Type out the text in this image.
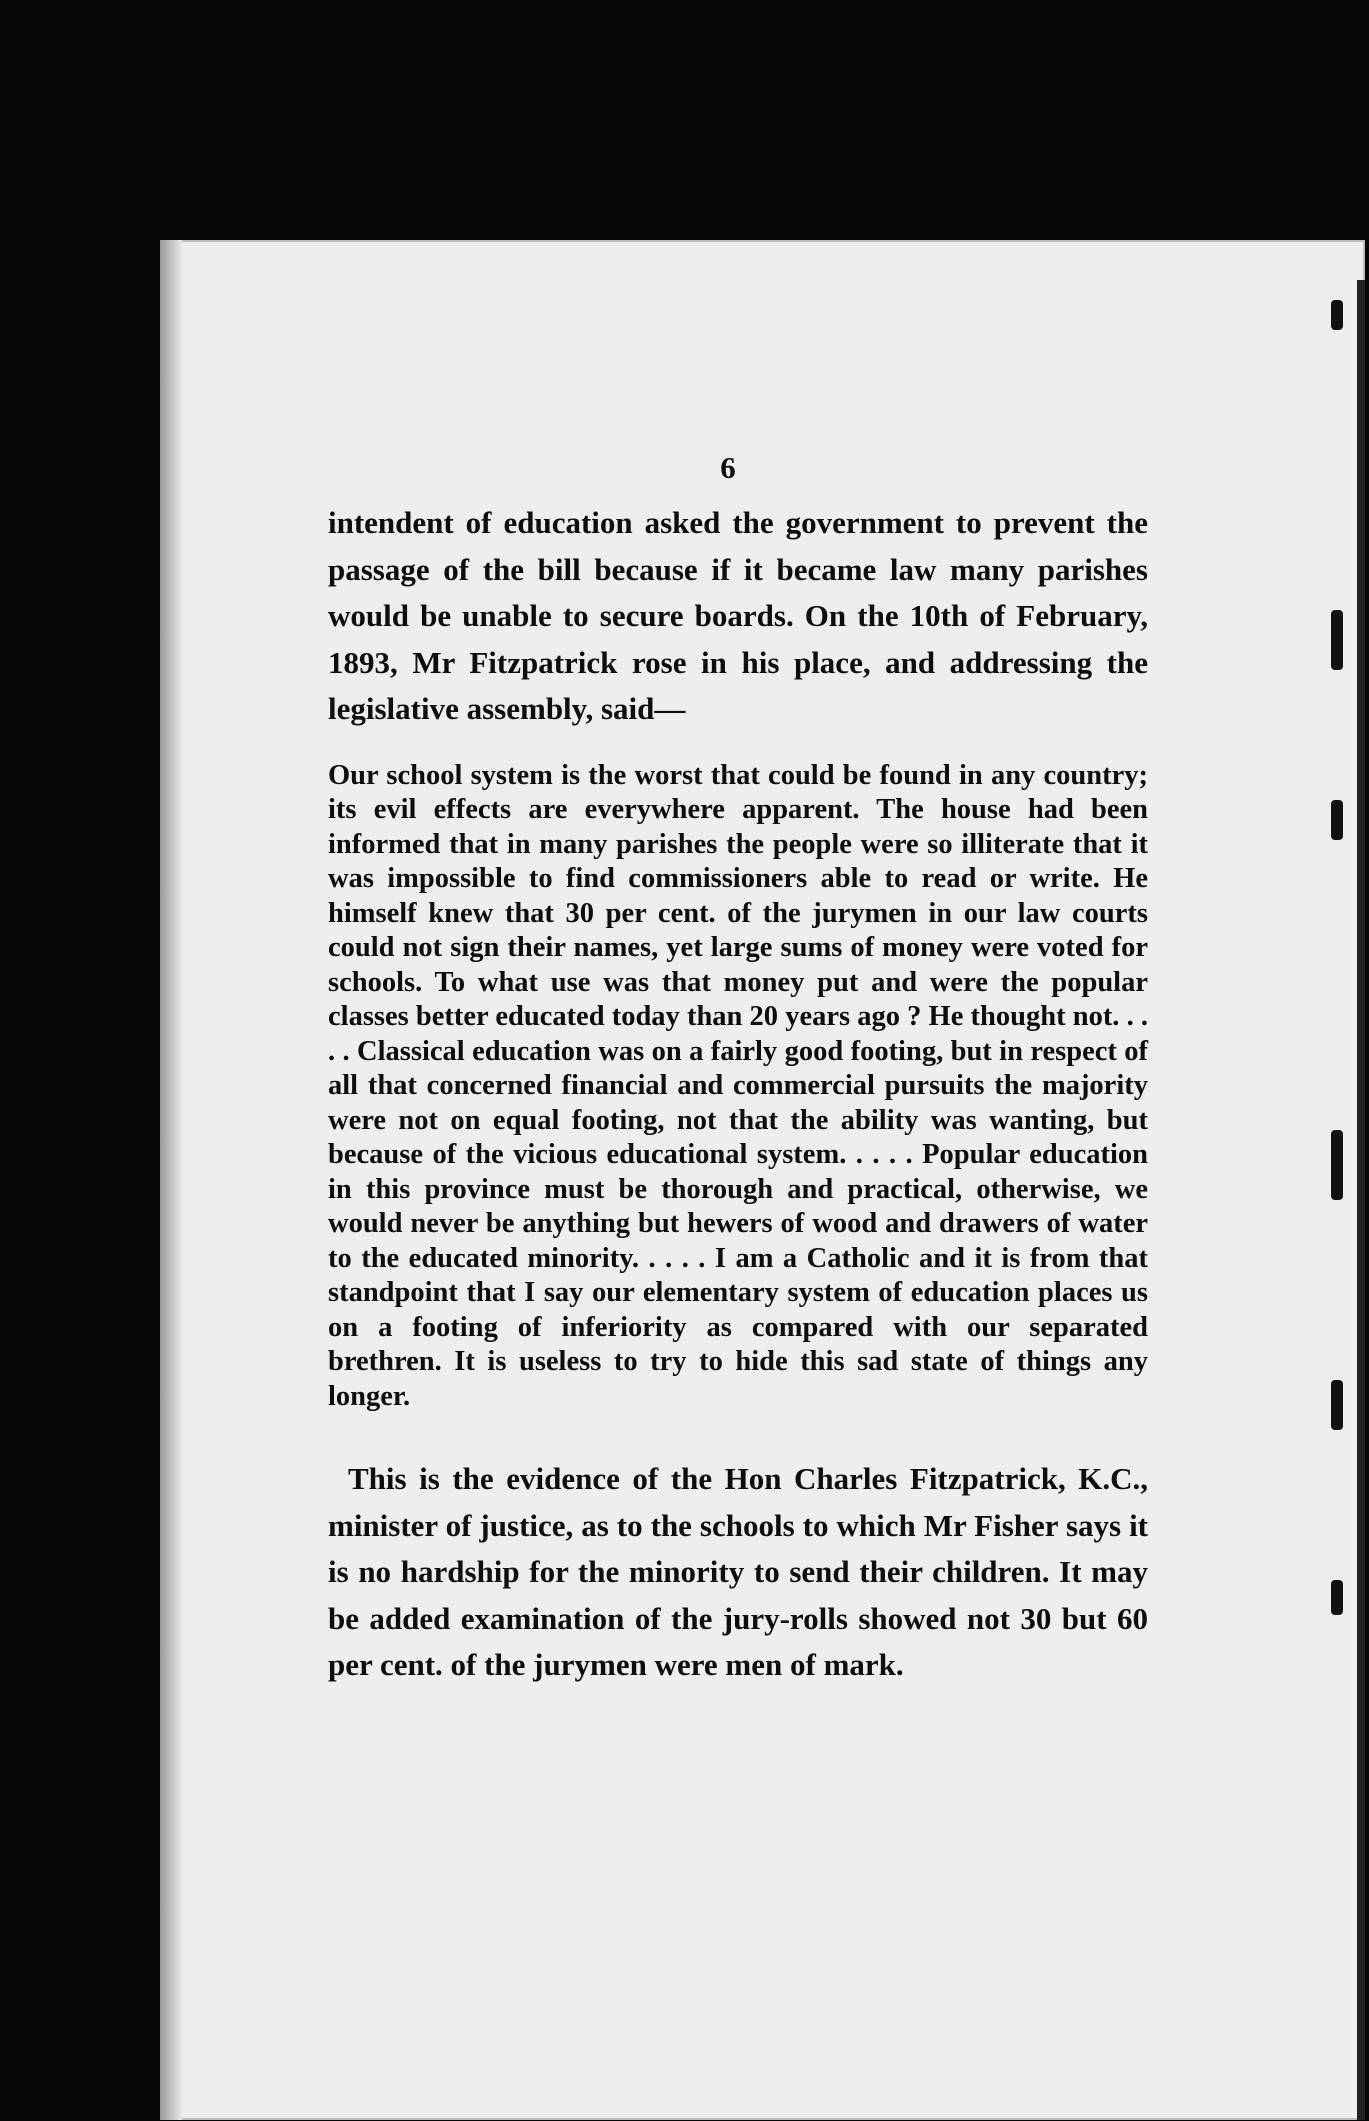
6

intendent of education asked the government to prevent the passage of the bill because if it became law many parishes would be unable to secure boards. On the 10th of February, 1893, Mr Fitzpatrick rose in his place, and addressing the legislative assembly, said—

Our school system is the worst that could be found in any country; its evil effects are everywhere apparent. The house had been informed that in many parishes the people were so illiterate that it was impossible to find commissioners able to read or write. He himself knew that 30 per cent. of the jurymen in our law courts could not sign their names, yet large sums of money were voted for schools. To what use was that money put and were the popular classes better educated today than 20 years ago ? He thought not. . . . . Classical education was on a fairly good footing, but in respect of all that concerned financial and commercial pursuits the majority were not on equal footing, not that the ability was wanting, but because of the vicious educational system. . . . . Popular education in this province must be thorough and practical, otherwise, we would never be anything but hewers of wood and drawers of water to the educated minority. . . . . I am a Catholic and it is from that standpoint that I say our elementary system of education places us on a footing of inferiority as compared with our separated brethren. It is useless to try to hide this sad state of things any longer.

This is the evidence of the Hon Charles Fitzpatrick, K.C., minister of justice, as to the schools to which Mr Fisher says it is no hardship for the minority to send their children. It may be added examination of the jury-rolls showed not 30 but 60 per cent. of the jurymen were men of mark.
